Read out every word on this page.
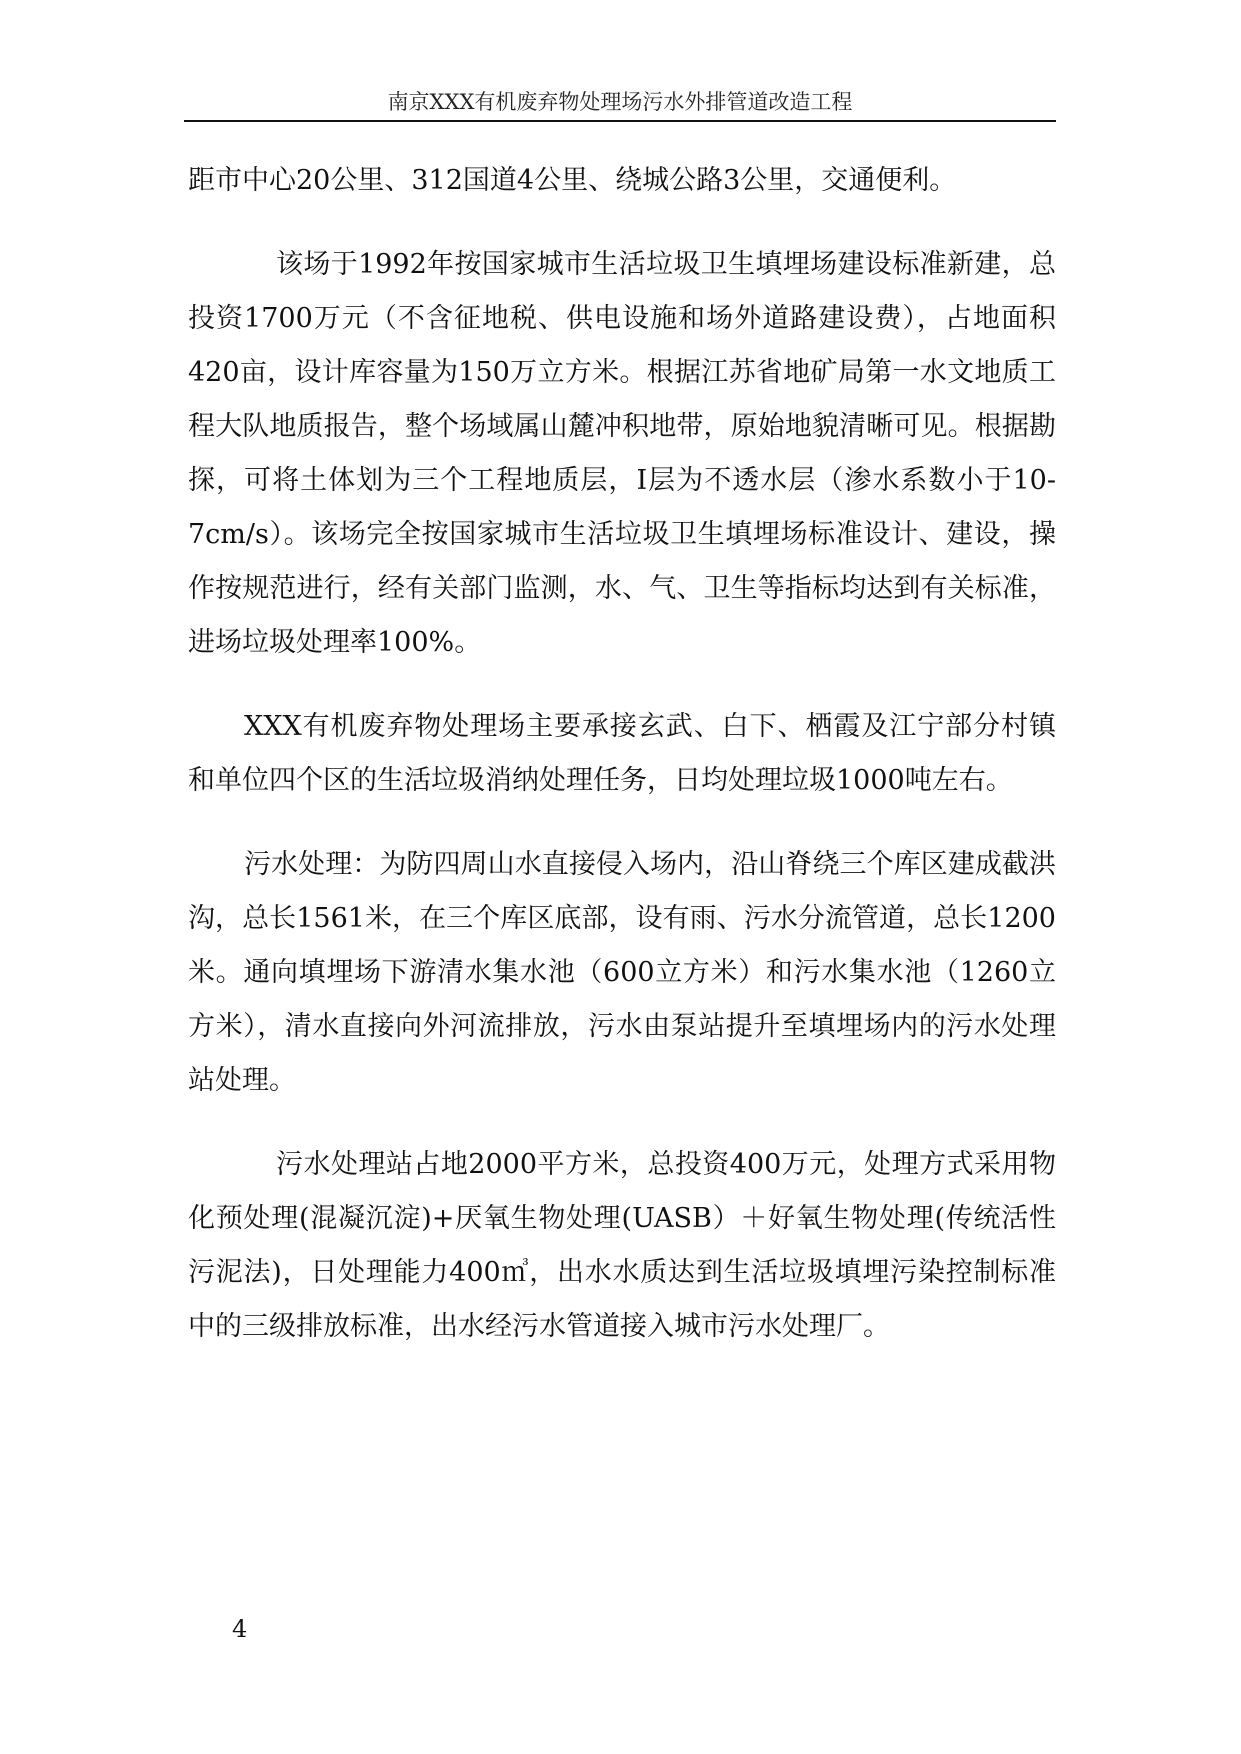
南京XXX有机废弃物处理场污水外排管道改造工程

距市中心20公里、312国道4公里、绕城公路3公里，交通便利。

该场于1992年按国家城市生活垃圾卫生填埋场建设标准新建，总投资1700万元（不含征地税、供电设施和场外道路建设费），占地面积420亩，设计库容量为150万立方米。根据江苏省地矿局第一水文地质工程大队地质报告，整个场域属山麓冲积地带，原始地貌清晰可见。根据勘探，可将土体划为三个工程地质层，Ⅰ层为不透水层（渗水系数小于10-7cm/s）。该场完全按国家城市生活垃圾卫生填埋场标准设计、建设，操作按规范进行，经有关部门监测，水、气、卫生等指标均达到有关标准，进场垃圾处理率100%。

XXX有机废弃物处理场主要承接玄武、白下、栖霞及江宁部分村镇和单位四个区的生活垃圾消纳处理任务，日均处理垃圾1000吨左右。

污水处理：为防四周山水直接侵入场内，沿山脊绕三个库区建成截洪沟，总长1561米，在三个库区底部，设有雨、污水分流管道，总长1200米。通向填埋场下游清水集水池（600立方米）和污水集水池（1260立方米），清水直接向外河流排放，污水由泵站提升至填埋场内的污水处理站处理。

污水处理站占地2000平方米，总投资400万元，处理方式采用物化预处理(混凝沉淀)+厌氧生物处理(UASB）＋好氧生物处理(传统活性污泥法)，日处理能力400㎥，出水水质达到生活垃圾填埋污染控制标准中的三级排放标准，出水经污水管道接入城市污水处理厂。

4
